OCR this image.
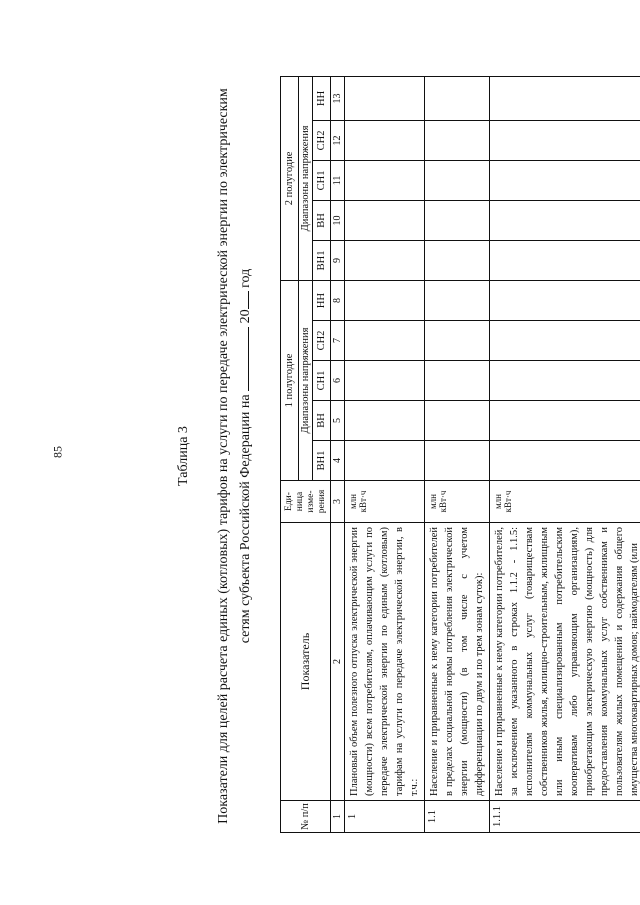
85	Таблица 3 Показатели для целей расчета единых (котловых) тарифов на услуги по передаче электрической энергии по электрическим сетям субъекта Российской Федерации на  20 год
№ п/п	Показатель	Еди-ница изме-рения	1 полугодие					2 полугодие				
			Диапазоны напряжения					Диапазоны напряжения				
			ВН1	ВН	СН1	СН2	НН	ВН1	ВН	СН1	СН2	НН
1	2	3	4	5	6	7	8	9	10	11	12	13
1	Плановый объем полезного отпуска электрической энергии (мощности) всем потребителям, оплачивающим услуги по передаче электрической энергии по единым (котловым) тарифам на услуги по передаче электрической энергии, в т.ч.:	млн кВт·ч										
1.1	Население и приравненные к нему категории потребителей в пределах социальной нормы потребления электрической энергии (мощности) (в том числе с учетом дифференциации по двум и по трем зонам суток):	млн кВт·ч										
1.1.1	Население и приравненные к нему категории потребителей, за исключением указанного в строках 1.1.2 - 1.1.5: исполнителям коммунальных услуг (товариществам собственников жилья, жилищно-строительным, жилищным или иным специализированным потребительским кооперативам либо управляющим организациям), приобретающим электрическую энергию (мощность) для предоставления коммунальных услуг собственникам и пользователям жилых помещений и содержания общего имущества многоквартирных домов; наймодателям (или	млн кВт·ч										
